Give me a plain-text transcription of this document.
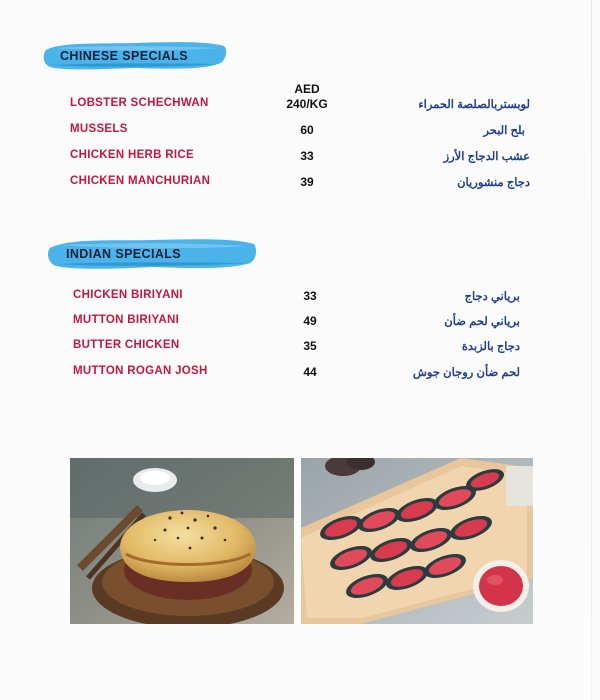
CHINESE SPECIALS
AED
LOBSTER SCHECHWAN	240/KG	لوبستربالصلصة الحمراء
MUSSELS	60	بلح البحر
CHICKEN HERB RICE	33	عشب الدجاج الأرز
CHICKEN MANCHURIAN	39	دجاج منشوريان
INDIAN SPECIALS
CHICKEN BIRIYANI	33	برياني دجاج
MUTTON BIRIYANI	49	برياني لحم ضأن
BUTTER CHICKEN	35	دجاج بالزبدة
MUTTON ROGAN JOSH	44	لحم ضأن روجان جوش
